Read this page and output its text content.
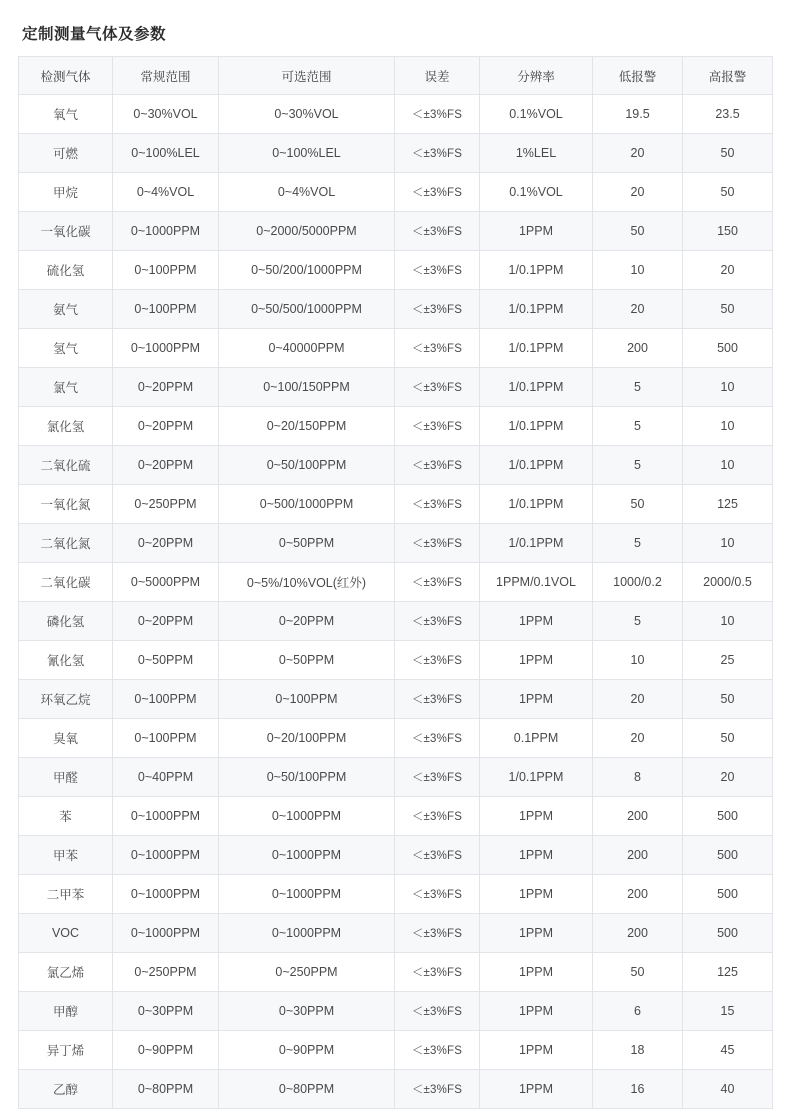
定制测量气体及参数
检测气体	常规范围	可选范围	误差	分辨率	低报警	高报警
氧气	0~30%VOL	0~30%VOL	＜±3%FS	0.1%VOL	19.5	23.5
可燃	0~100%LEL	0~100%LEL	＜±3%FS	1%LEL	20	50
甲烷	0~4%VOL	0~4%VOL	＜±3%FS	0.1%VOL	20	50
一氧化碳	0~1000PPM	0~2000/5000PPM	＜±3%FS	1PPM	50	150
硫化氢	0~100PPM	0~50/200/1000PPM	＜±3%FS	1/0.1PPM	10	20
氨气	0~100PPM	0~50/500/1000PPM	＜±3%FS	1/0.1PPM	20	50
氢气	0~1000PPM	0~40000PPM	＜±3%FS	1/0.1PPM	200	500
氯气	0~20PPM	0~100/150PPM	＜±3%FS	1/0.1PPM	5	10
氯化氢	0~20PPM	0~20/150PPM	＜±3%FS	1/0.1PPM	5	10
二氧化硫	0~20PPM	0~50/100PPM	＜±3%FS	1/0.1PPM	5	10
一氧化氮	0~250PPM	0~500/1000PPM	＜±3%FS	1/0.1PPM	50	125
二氧化氮	0~20PPM	0~50PPM	＜±3%FS	1/0.1PPM	5	10
二氧化碳	0~5000PPM	0~5%/10%VOL(红外)	＜±3%FS	1PPM/0.1VOL	1000/0.2	2000/0.5
磷化氢	0~20PPM	0~20PPM	＜±3%FS	1PPM	5	10
氰化氢	0~50PPM	0~50PPM	＜±3%FS	1PPM	10	25
环氧乙烷	0~100PPM	0~100PPM	＜±3%FS	1PPM	20	50
臭氧	0~100PPM	0~20/100PPM	＜±3%FS	0.1PPM	20	50
甲醛	0~40PPM	0~50/100PPM	＜±3%FS	1/0.1PPM	8	20
苯	0~1000PPM	0~1000PPM	＜±3%FS	1PPM	200	500
甲苯	0~1000PPM	0~1000PPM	＜±3%FS	1PPM	200	500
二甲苯	0~1000PPM	0~1000PPM	＜±3%FS	1PPM	200	500
VOC	0~1000PPM	0~1000PPM	＜±3%FS	1PPM	200	500
氯乙烯	0~250PPM	0~250PPM	＜±3%FS	1PPM	50	125
甲醇	0~30PPM	0~30PPM	＜±3%FS	1PPM	6	15
异丁烯	0~90PPM	0~90PPM	＜±3%FS	1PPM	18	45
乙醇	0~80PPM	0~80PPM	＜±3%FS	1PPM	16	40
